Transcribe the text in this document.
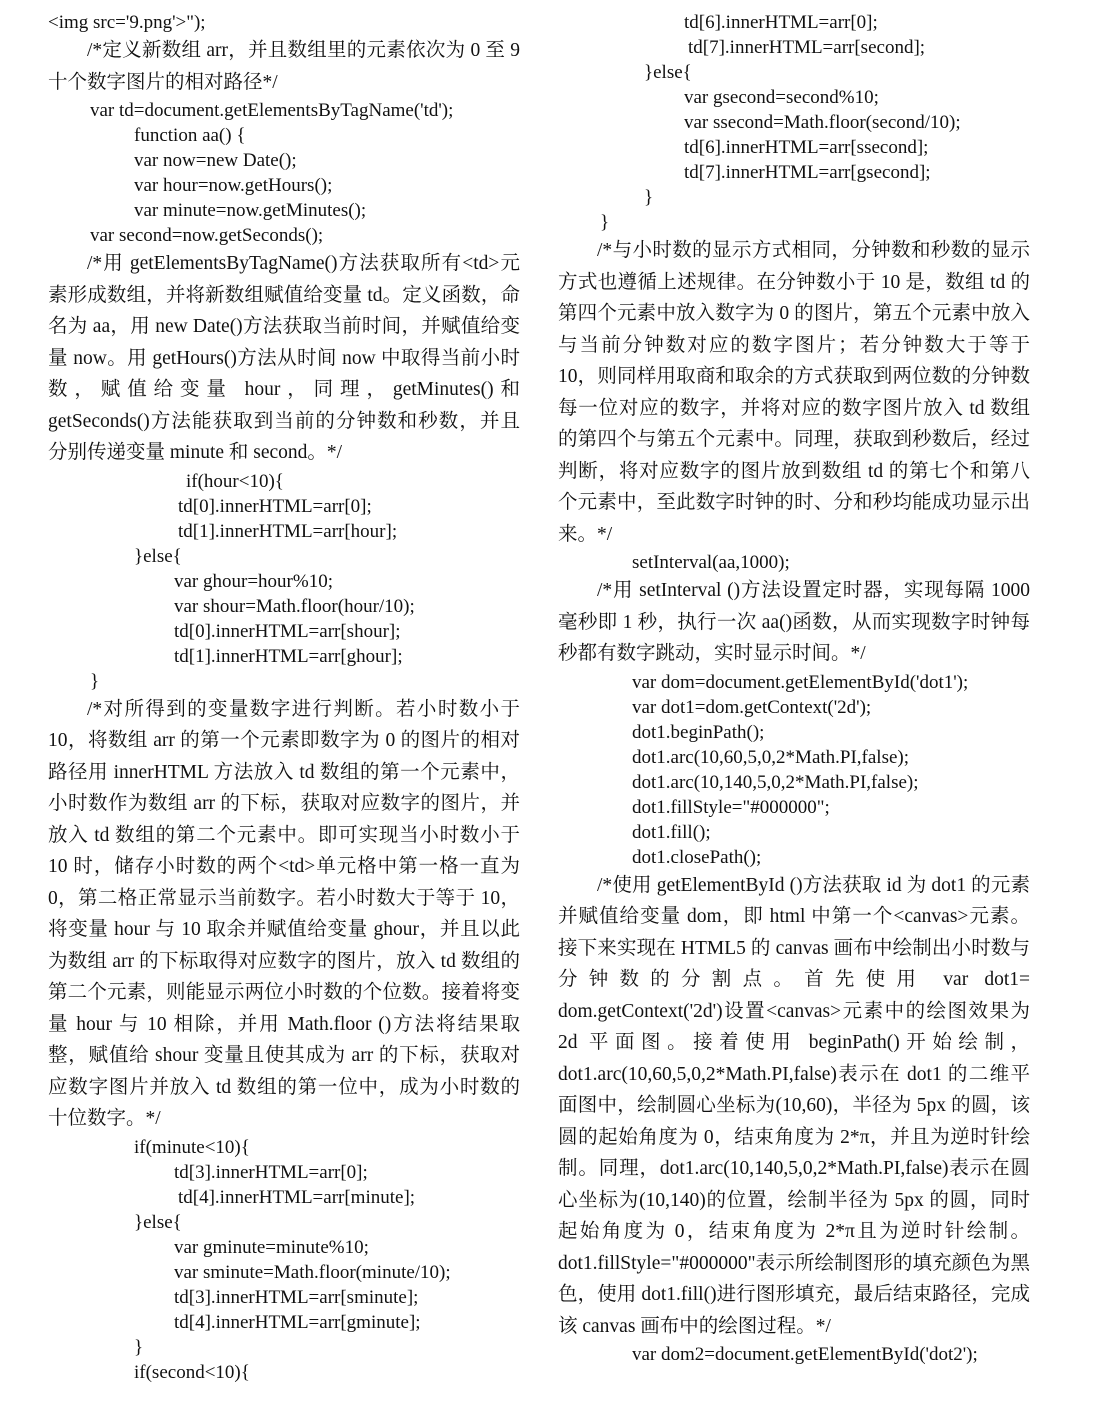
<img src='9.png'>");

/*定义新数组 arr，并且数组里的元素依次为 0 至 9 十个数字图片的相对路径*/

var td=document.getElementsByTagName('td');
function aa() {
var now=new Date();
var hour=now.getHours();
var minute=now.getMinutes();
var second=now.getSeconds();

/*用 getElementsByTagName()方法获取所有<td>元素形成数组，并将新数组赋值给变量 td。定义函数，命名为 aa，用 new Date()方法获取当前时间，并赋值给变量 now。用 getHours()方法从时间 now 中取得当前小时数，赋值给变量 hour，同理，getMinutes()和 getSeconds()方法能获取到当前的分钟数和秒数，并且分别传递变量 minute 和 second。*/

if(hour<10){
td[0].innerHTML=arr[0];
td[1].innerHTML=arr[hour];
}else{
var ghour=hour%10;
var shour=Math.floor(hour/10);
td[0].innerHTML=arr[shour];
td[1].innerHTML=arr[ghour];
}

/*对所得到的变量数字进行判断。若小时数小于 10，将数组 arr 的第一个元素即数字为 0 的图片的相对路径用 innerHTML 方法放入 td 数组的第一个元素中，小时数作为数组 arr 的下标，获取对应数字的图片，并放入 td 数组的第二个元素中。即可实现当小时数小于 10 时，储存小时数的两个<td>单元格中第一格一直为 0，第二格正常显示当前数字。若小时数大于等于 10，将变量 hour 与 10 取余并赋值给变量 ghour，并且以此为数组 arr 的下标取得对应数字的图片，放入 td 数组的第二个元素，则能显示两位小时数的个位数。接着将变量 hour 与 10 相除，并用 Math.floor ()方法将结果取整，赋值给 shour 变量且使其成为 arr 的下标，获取对应数字图片并放入 td 数组的第一位中，成为小时数的十位数字。*/

if(minute<10){
td[3].innerHTML=arr[0];
td[4].innerHTML=arr[minute];
}else{
var gminute=minute%10;
var sminute=Math.floor(minute/10);
td[3].innerHTML=arr[sminute];
td[4].innerHTML=arr[gminute];
}
if(second<10){
td[6].innerHTML=arr[0];
td[7].innerHTML=arr[second];
}else{
var gsecond=second%10;
var ssecond=Math.floor(second/10);
td[6].innerHTML=arr[ssecond];
td[7].innerHTML=arr[gsecond];
}
}

/*与小时数的显示方式相同，分钟数和秒数的显示方式也遵循上述规律。在分钟数小于 10 是，数组 td 的第四个元素中放入数字为 0 的图片，第五个元素中放入与当前分钟数对应的数字图片；若分钟数大于等于 10，则同样用取商和取余的方式获取到两位数的分钟数每一位对应的数字，并将对应的数字图片放入 td 数组的第四个与第五个元素中。同理，获取到秒数后，经过判断，将对应数字的图片放到数组 td 的第七个和第八个元素中，至此数字时钟的时、分和秒均能成功显示出来。*/

setInterval(aa,1000);

/*用 setInterval ()方法设置定时器，实现每隔 1000 毫秒即 1 秒，执行一次 aa()函数，从而实现数字时钟每秒都有数字跳动，实时显示时间。*/

var dom=document.getElementById('dot1');
var dot1=dom.getContext('2d');
dot1.beginPath();
dot1.arc(10,60,5,0,2*Math.PI,false);
dot1.arc(10,140,5,0,2*Math.PI,false);
dot1.fillStyle="#000000";
dot1.fill();
dot1.closePath();

/*使用 getElementById ()方法获取 id 为 dot1 的元素并赋值给变量 dom，即 html 中第一个<canvas>元素。接下来实现在 HTML5 的 canvas 画布中绘制出小时数与分钟数的分割点。首先使用 var dot1= dom.getContext('2d')设置<canvas>元素中的绘图效果为 2d 平面图。接着使用 beginPath()开始绘制，dot1.arc(10,60,5,0,2*Math.PI,false)表示在 dot1 的二维平面图中，绘制圆心坐标为(10,60)，半径为 5px 的圆，该圆的起始角度为 0，结束角度为 2*π，并且为逆时针绘制。同理，dot1.arc(10,140,5,0,2*Math.PI,false)表示在圆心坐标为(10,140)的位置，绘制半径为 5px 的圆，同时起始角度为 0，结束角度为 2*π且为逆时针绘制。dot1.fillStyle="#000000"表示所绘制图形的填充颜色为黑色，使用 dot1.fill()进行图形填充，最后结束路径，完成该 canvas 画布中的绘图过程。*/

var dom2=document.getElementById('dot2');
